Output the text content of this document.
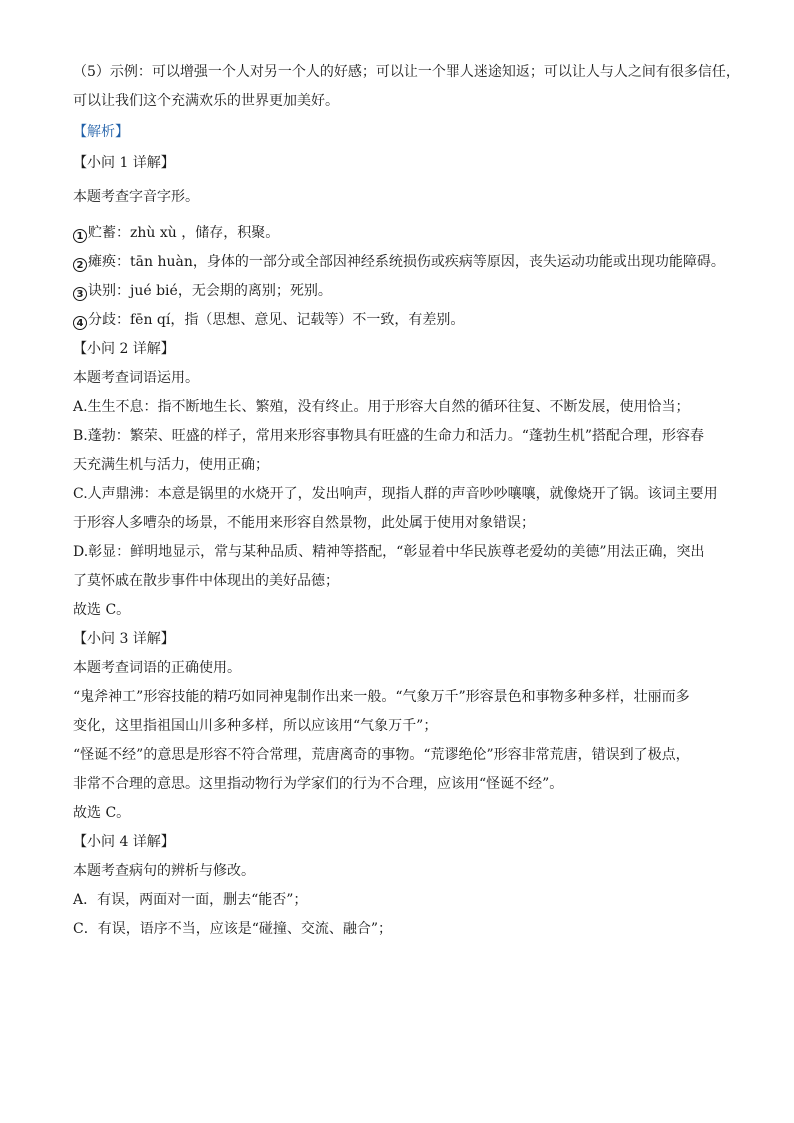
（5）示例：可以增强一个人对另一个人的好感；可以让一个罪人迷途知返；可以让人与人之间有很多信任，

可以让我们这个充满欢乐的世界更加美好。

【解析】

【小问 1 详解】

本题考查字音字形。

1 贮蓄：zhù xù ，储存，积聚。

2 瘫痪：tān huàn，身体的一部分或全部因神经系统损伤或疾病等原因，丧失运动功能或出现功能障碍。

3 诀别：jué bié，无会期的离别；死别。

4 分歧：fēn qí，指（思想、意见、记载等）不一致，有差别。

【小问 2 详解】

本题考查词语运用。

A.生生不息：指不断地生长、繁殖，没有终止。用于形容大自然的循环往复、不断发展，使用恰当；

B.蓬勃：繁荣、旺盛的样子，常用来形容事物具有旺盛的生命力和活力。“蓬勃生机”搭配合理，形容春

天充满生机与活力，使用正确；

C.人声鼎沸：本意是锅里的水烧开了，发出响声，现指人群的声音吵吵嚷嚷，就像烧开了锅。该词主要用

于形容人多嘈杂的场景，不能用来形容自然景物，此处属于使用对象错误；

D.彰显：鲜明地显示，常与某种品质、精神等搭配，“彰显着中华民族尊老爱幼的美德”用法正确，突出

了莫怀戚在散步事件中体现出的美好品德；

故选 C。

【小问 3 详解】

本题考查词语的正确使用。

“鬼斧神工”形容技能的精巧如同神鬼制作出来一般。“气象万千”形容景色和事物多种多样，壮丽而多

变化，这里指祖国山川多种多样，所以应该用“气象万千”；

“怪诞不经”的意思是形容不符合常理，荒唐离奇的事物。“荒谬绝伦”形容非常荒唐，错误到了极点，

非常不合理的意思。这里指动物行为学家们的行为不合理，应该用“怪诞不经”。

故选 C。

【小问 4 详解】

本题考查病句的辨析与修改。

A．有误，两面对一面，删去“能否”；

C．有误，语序不当，应该是“碰撞、交流、融合”；
